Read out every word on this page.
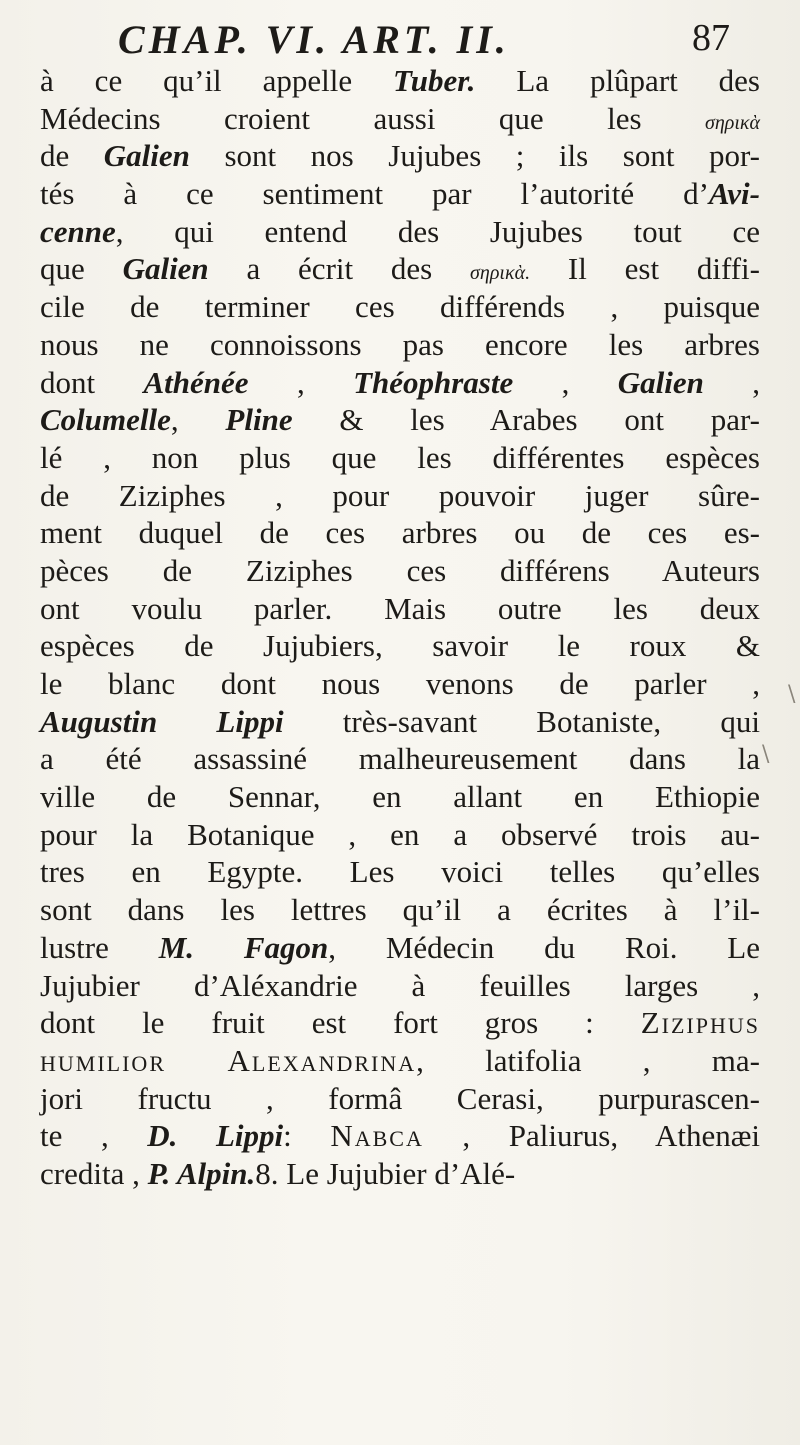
CHAP. VI. ART. II.	87
à ce qu’il appelle Tuber. La plûpart des
Médecins croient aussi que les σηρικὰ
de Galien sont nos Jujubes ; ils sont por-
tés à ce sentiment par l’autorité d’Avi-
cenne, qui entend des Jujubes tout ce
que Galien a écrit des σηρικὰ. Il est diffi-
cile de terminer ces différends , puisque
nous ne connoissons pas encore les arbres
dont Athénée , Théophraste , Galien ,
Columelle, Pline & les Arabes ont par-
lé , non plus que les différentes espèces
de Ziziphes , pour pouvoir juger sûre-
ment duquel de ces arbres ou de ces es-
pèces de Ziziphes ces différens Auteurs
ont voulu parler. Mais outre les deux
espèces de Jujubiers, savoir le roux &
le blanc dont nous venons de parler ,
Augustin Lippi très-savant Botaniste, qui
a été assassiné malheureusement dans la
ville de Sennar, en allant en Ethiopie
pour la Botanique , en a observé trois au-
tres en Egypte. Les voici telles qu’elles
sont dans les lettres qu’il a écrites à l’il-
lustre M. Fagon, Médecin du Roi. Le
Jujubier d’Aléxandrie à feuilles larges ,
dont le fruit est fort gros : Ziziphus
humilior Alexandrina, latifolia , ma-
jori fructu , formâ Cerasi, purpurascen-
te , D. Lippi: Nabca , Paliurus, Athenæi
credita , P. Alpin.8. Le Jujubier d’Alé-
\
\
